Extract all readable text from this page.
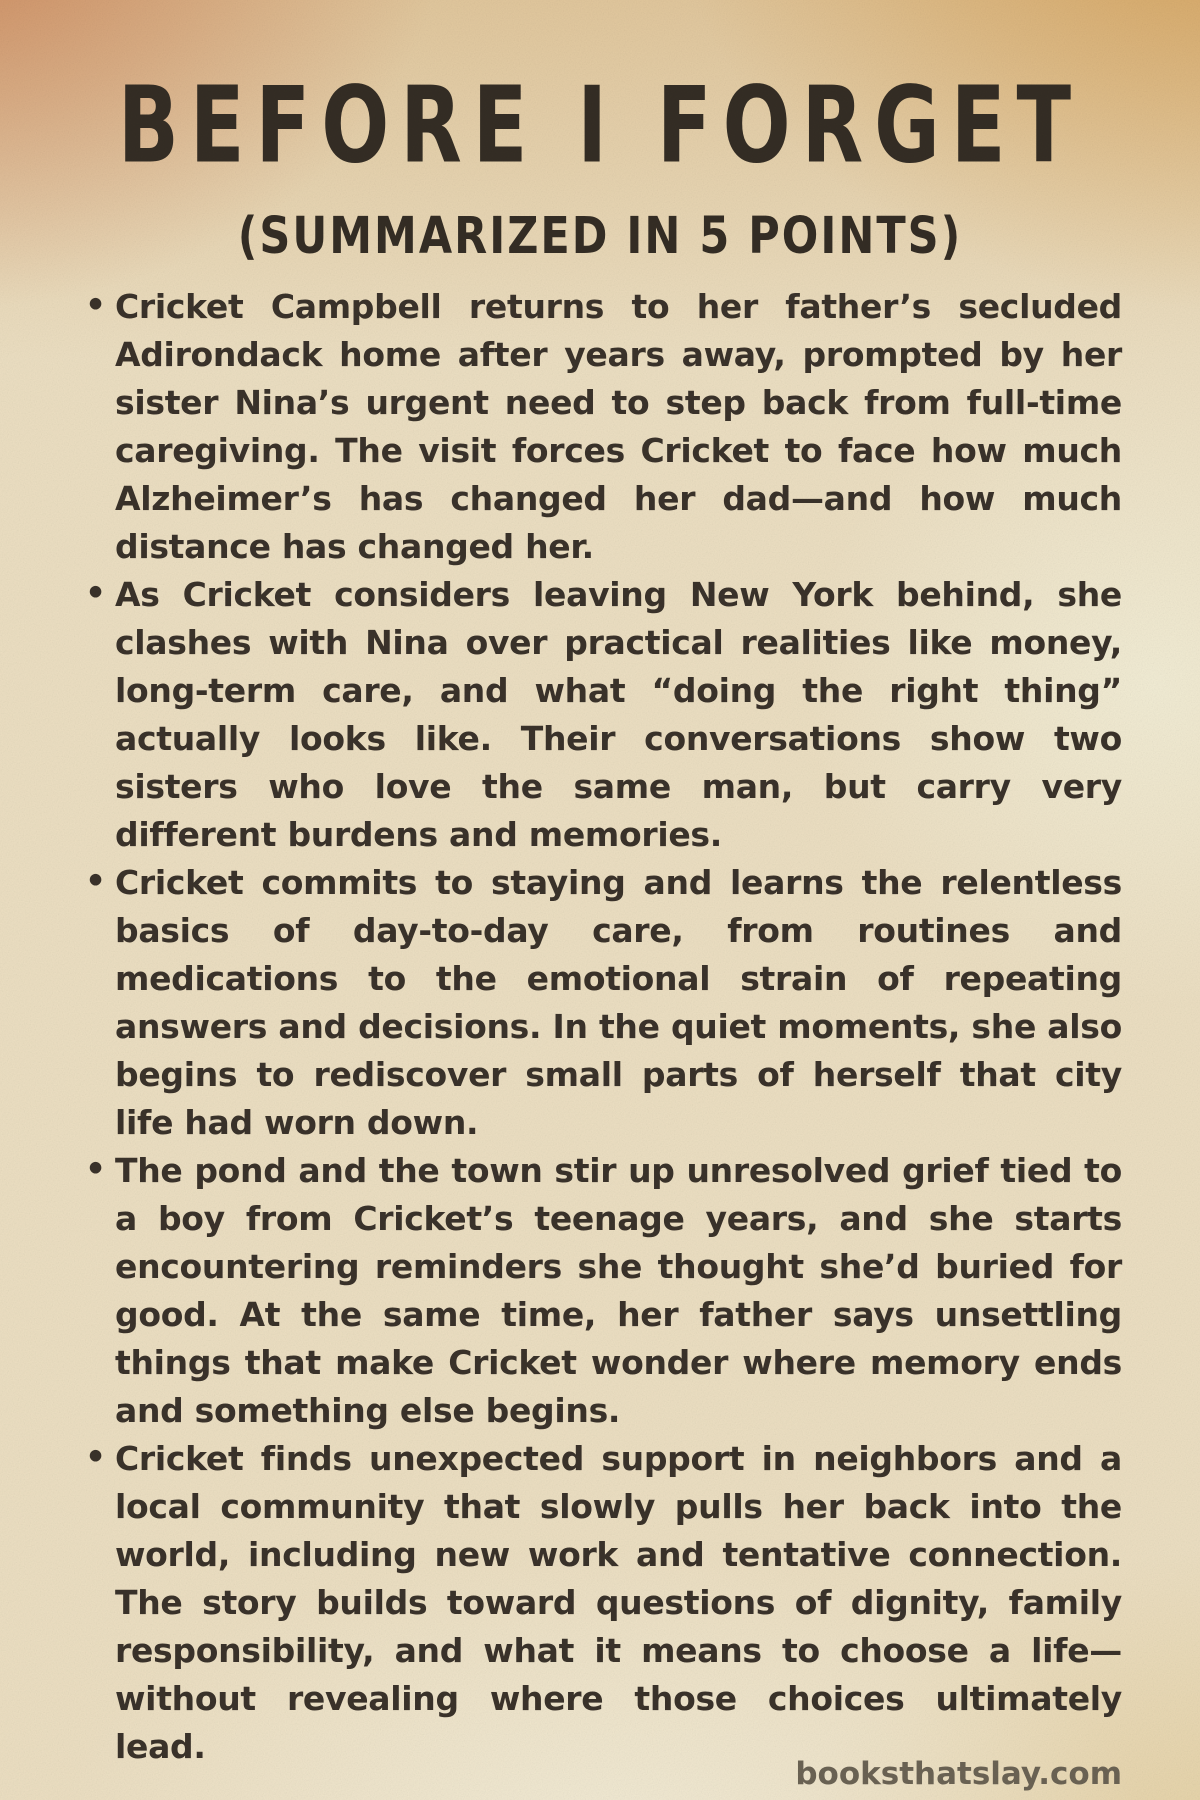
BEFORE I FORGET
(SUMMARIZED IN 5 POINTS)
• Cricket Campbell returns to her father’s secluded Adirondack home after years away, prompted by her sister Nina’s urgent need to step back from full-time caregiving. The visit forces Cricket to face how much Alzheimer’s has changed her dad—and how much distance has changed her.
• As Cricket considers leaving New York behind, she clashes with Nina over practical realities like money, long-term care, and what “doing the right thing” actually looks like. Their conversations show two sisters who love the same man, but carry very different burdens and memories.
• Cricket commits to staying and learns the relentless basics of day-to-day care, from routines and medications to the emotional strain of repeating answers and decisions. In the quiet moments, she also begins to rediscover small parts of herself that city life had worn down.
• The pond and the town stir up unresolved grief tied to a boy from Cricket’s teenage years, and she starts encountering reminders she thought she’d buried for good. At the same time, her father says unsettling things that make Cricket wonder where memory ends and something else begins.
• Cricket finds unexpected support in neighbors and a local community that slowly pulls her back into the world, including new work and tentative connection. The story builds toward questions of dignity, family responsibility, and what it means to choose a life—without revealing where those choices ultimately lead.
booksthatslay.com
